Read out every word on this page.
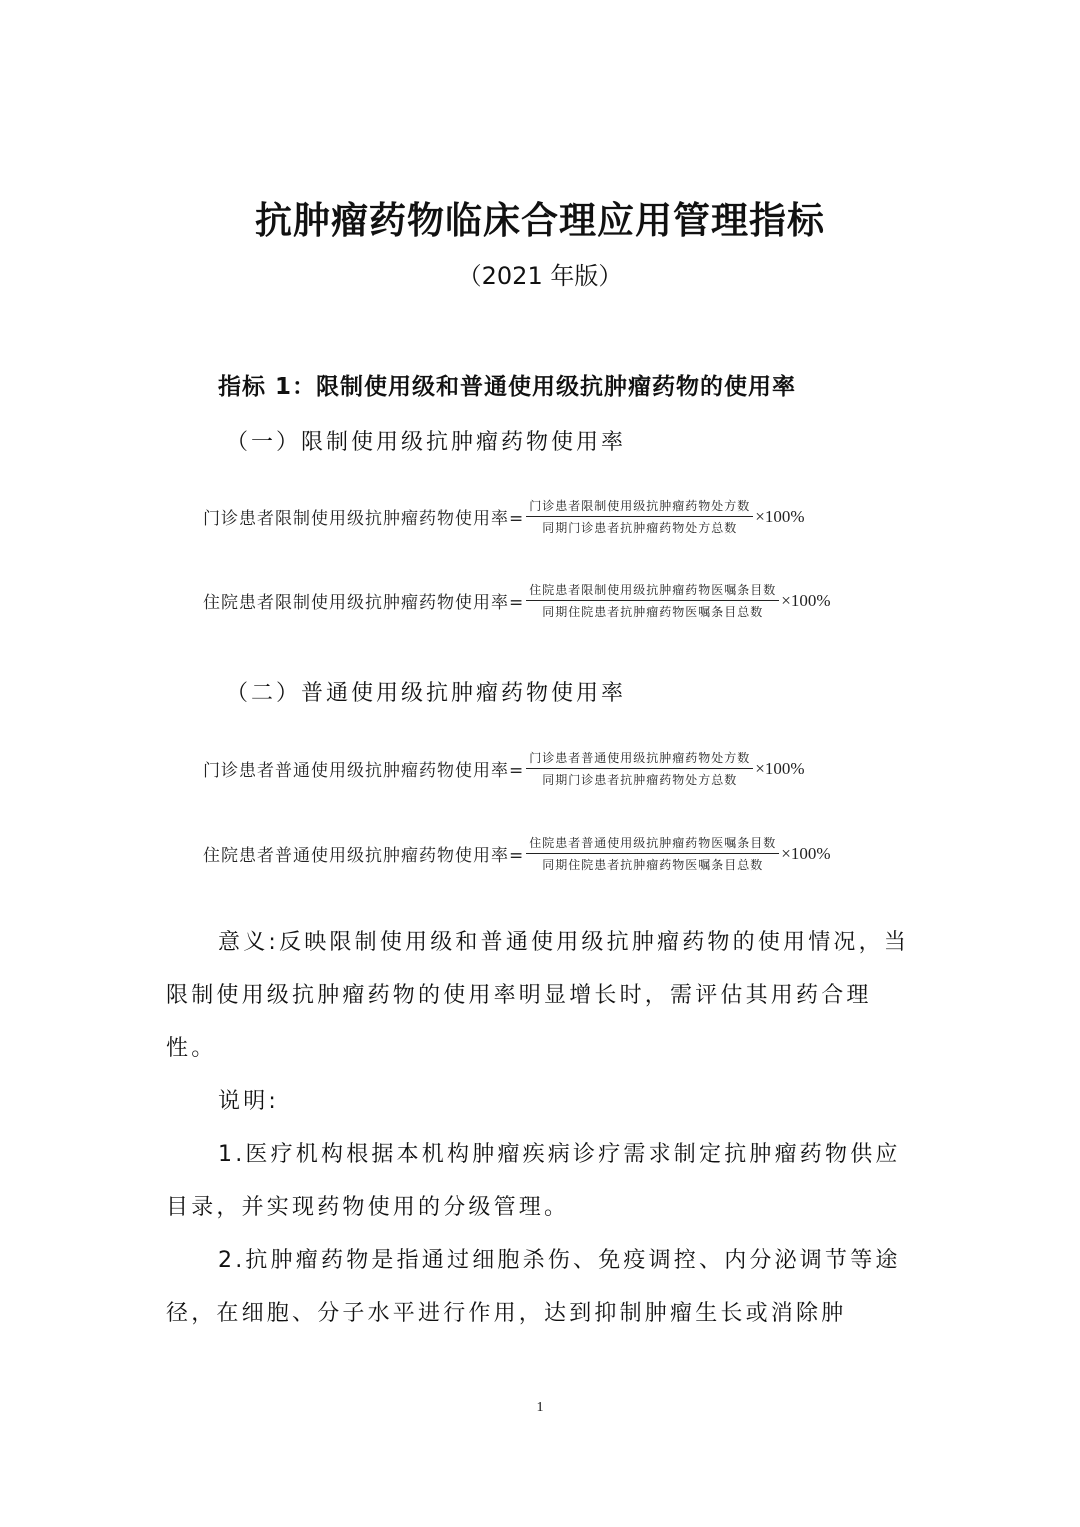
抗肿瘤药物临床合理应用管理指标
（2021 年版）
指标 1：限制使用级和普通使用级抗肿瘤药物的使用率
（一）限制使用级抗肿瘤药物使用率
门诊患者限制使用级抗肿瘤药物使用率= $\frac{\text{门诊患者限制使用级抗肿瘤药物处方数}}{\text{同期门诊患者抗肿瘤药物处方总数}} \times 100\%$
住院患者限制使用级抗肿瘤药物使用率= $\frac{\text{住院患者限制使用级抗肿瘤药物医嘱条目数}}{\text{同期住院患者抗肿瘤药物医嘱条目总数}} \times 100\%$
（二）普通使用级抗肿瘤药物使用率
门诊患者普通使用级抗肿瘤药物使用率= $\frac{\text{门诊患者普通使用级抗肿瘤药物处方数}}{\text{同期门诊患者抗肿瘤药物处方总数}} \times 100\%$
住院患者普通使用级抗肿瘤药物使用率= $\frac{\text{住院患者普通使用级抗肿瘤药物医嘱条目数}}{\text{同期住院患者抗肿瘤药物医嘱条目总数}} \times 100\%$

意义:反映限制使用级和普通使用级抗肿瘤药物的使用情况，当限制使用级抗肿瘤药物的使用率明显增长时，需评估其用药合理性。

说明:

1.医疗机构根据本机构肿瘤疾病诊疗需求制定抗肿瘤药物供应目录，并实现药物使用的分级管理。

2.抗肿瘤药物是指通过细胞杀伤、免疫调控、内分泌调节等途径，在细胞、分子水平进行作用，达到抑制肿瘤生长或消除肿

1
